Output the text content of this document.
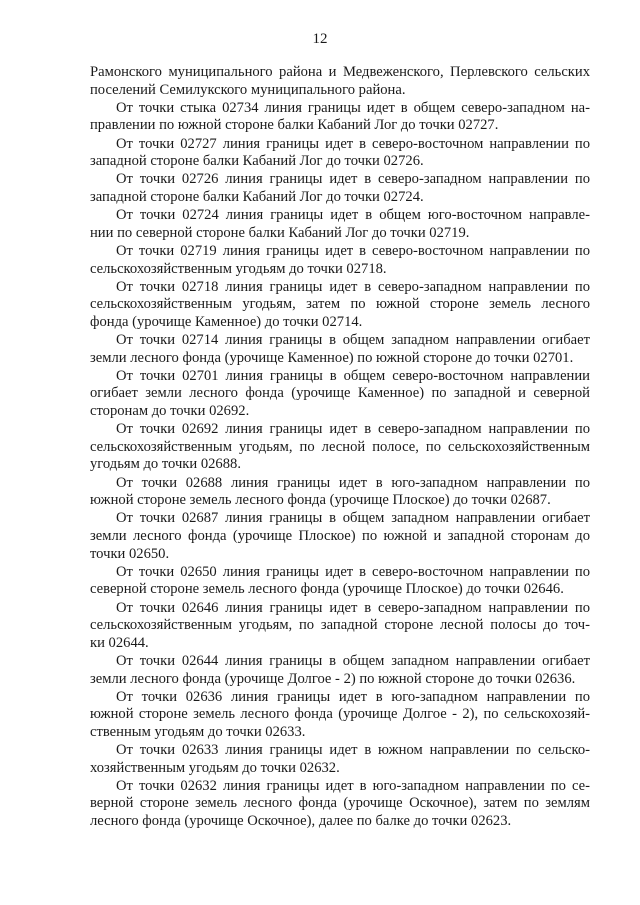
12
Рамонского муниципального района и Медвеженского, Перлевского сельских
поселений Семилукского муниципального района.
От точки стыка 02734 линия границы идет в общем северо-западном на-
правлении по южной стороне балки Кабаний Лог до точки 02727.
От точки 02727 линия границы идет в северо-восточном направлении по
западной стороне балки Кабаний Лог до точки 02726.
От точки 02726 линия границы идет в северо-западном направлении по
западной стороне балки Кабаний Лог до точки 02724.
От точки 02724 линия границы идет в общем юго-восточном направле-
нии по северной стороне балки Кабаний Лог до точки 02719.
От точки 02719 линия границы идет в северо-восточном направлении по
сельскохозяйственным угодьям до точки 02718.
От точки 02718 линия границы идет в северо-западном направлении по
сельскохозяйственным угодьям, затем по южной стороне земель лесного
фонда (урочище Каменное) до точки 02714.
От точки 02714 линия границы в общем западном направлении огибает
земли лесного фонда (урочище Каменное) по южной стороне до точки 02701.
От точки 02701 линия границы в общем северо-восточном направлении
огибает земли лесного фонда (урочище Каменное) по западной и северной
сторонам до точки 02692.
От точки 02692 линия границы идет в северо-западном направлении по
сельскохозяйственным угодьям, по лесной полосе, по сельскохозяйственным
угодьям до точки 02688.
От точки 02688 линия границы идет в юго-западном направлении по
южной стороне земель лесного фонда (урочище Плоское) до точки 02687.
От точки 02687 линия границы в общем западном направлении огибает
земли лесного фонда (урочище Плоское) по южной и западной сторонам до
точки 02650.
От точки 02650 линия границы идет в северо-восточном направлении по
северной стороне земель лесного фонда (урочище Плоское) до точки 02646.
От точки 02646 линия границы идет в северо-западном направлении по
сельскохозяйственным угодьям, по западной стороне лесной полосы до точ-
ки 02644.
От точки 02644 линия границы в общем западном направлении огибает
земли лесного фонда (урочище Долгое - 2) по южной стороне до точки 02636.
От точки 02636 линия границы идет в юго-западном направлении по
южной стороне земель лесного фонда (урочище Долгое - 2), по сельскохозяй-
ственным угодьям до точки 02633.
От точки 02633 линия границы идет в южном направлении по сельско-
хозяйственным угодьям до точки 02632.
От точки 02632 линия границы идет в юго-западном направлении по се-
верной стороне земель лесного фонда (урочище Оскочное), затем по землям
лесного фонда (урочище Оскочное), далее по балке до точки 02623.
